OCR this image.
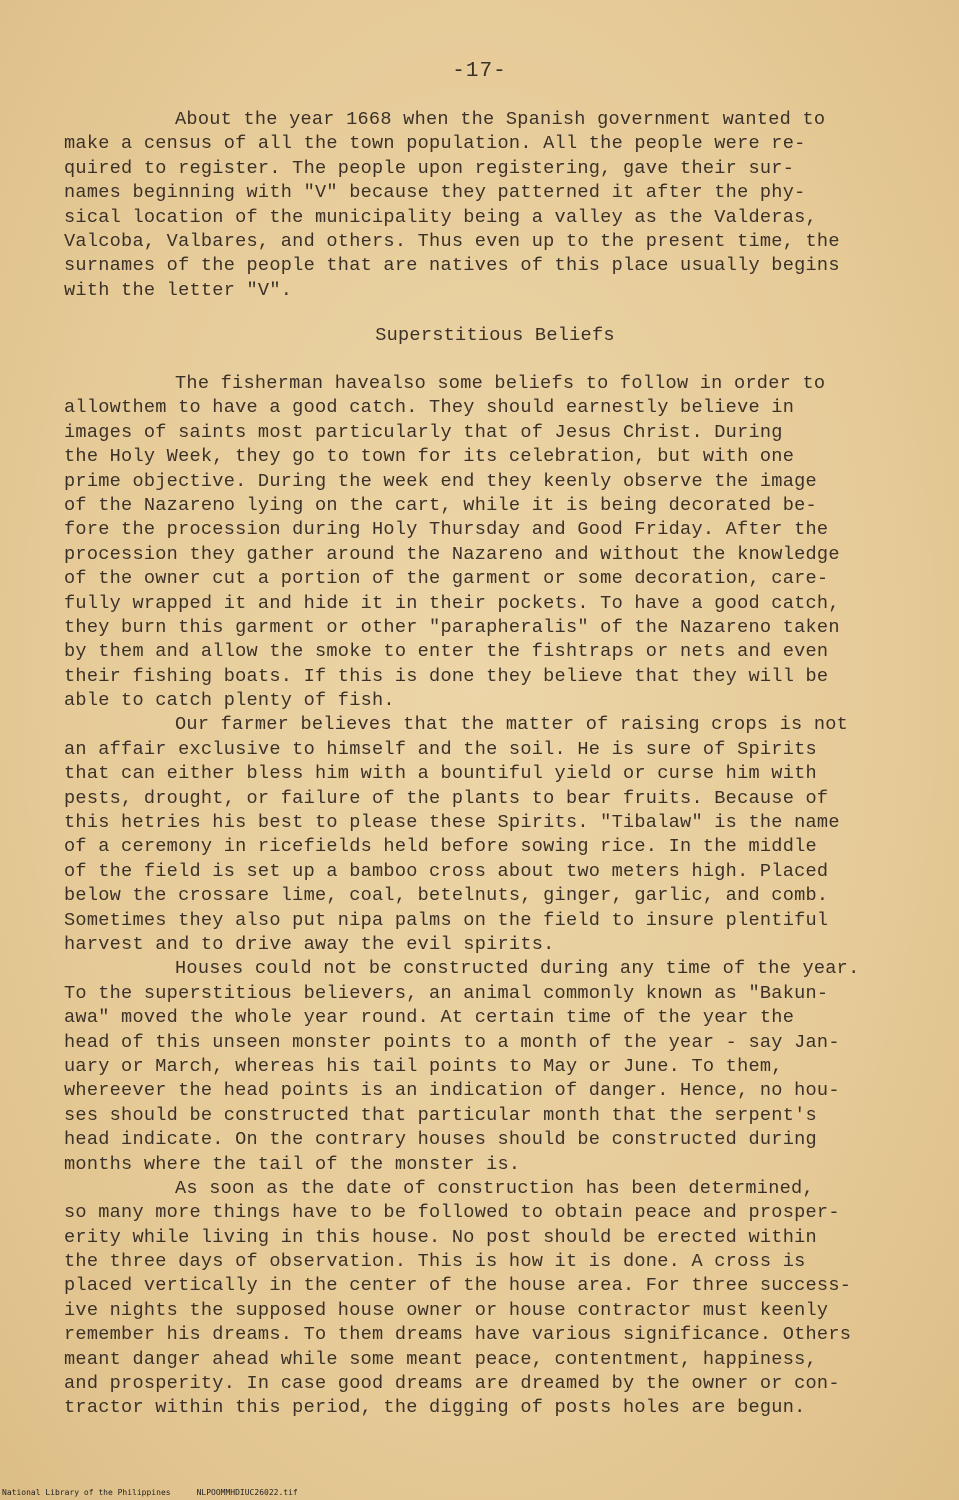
-17-
About the year 1668 when the Spanish government wanted to
make a census of all the town population. All the people were re-
quired to register. The people upon registering, gave their sur-
names beginning with "V" because they patterned it after the phy-
sical location of the municipality being a valley as the Valderas,
Valcoba, Valbares, and others. Thus even up to the present time, the
surnames of the people that are natives of this place usually begins
with the letter "V".
Superstitious Beliefs
The fisherman havealso some beliefs to follow in order to
allowthem to have a good catch. They should earnestly believe in
images of saints most particularly that of Jesus Christ. During
the Holy Week, they go to town for its celebration, but with one
prime objective. During the week end they keenly observe the image
of the Nazareno lying on the cart, while it is being decorated be-
fore the procession during Holy Thursday and Good Friday. After the
procession they gather around the Nazareno and without the knowledge
of the owner cut a portion of the garment or some decoration, care-
fully wrapped it and hide it in their pockets. To have a good catch,
they burn this garment or other "parapheralis" of the Nazareno taken
by them and allow the smoke to enter the fishtraps or nets and even
their fishing boats. If this is done they believe that they will be
able to catch plenty of fish.
Our farmer believes that the matter of raising crops is not
an affair exclusive to himself and the soil. He is sure of Spirits
that can either bless him with a bountiful yield or curse him with
pests, drought, or failure of the plants to bear fruits. Because of
this hetries his best to please these Spirits. "Tibalaw" is the name
of a ceremony in ricefields held before sowing rice. In the middle
of the field is set up a bamboo cross about two meters high. Placed
below the crossare lime, coal, betelnuts, ginger, garlic, and comb.
Sometimes they also put nipa palms on the field to insure plentiful
harvest and to drive away the evil spirits.
Houses could not be constructed during any time of the year.
To the superstitious believers, an animal commonly known as "Bakun-
awa" moved the whole year round. At certain time of the year the
head of this unseen monster points to a month of the year - say Jan-
uary or March, whereas his tail points to May or June. To them,
whereever the head points is an indication of danger. Hence, no hou-
ses should be constructed that particular month that the serpent's
head indicate. On the contrary houses should be constructed during
months where the tail of the monster is.
As soon as the date of construction has been determined,
so many more things have to be followed to obtain peace and prosper-
erity while living in this house. No post should be erected within
the three days of observation. This is how it is done. A cross is
placed vertically in the center of the house area. For three success-
ive nights the supposed house owner or house contractor must keenly
remember his dreams. To them dreams have various significance. Others
meant danger ahead while some meant peace, contentment, happiness,
and prosperity. In case good dreams are dreamed by the owner or con-
tractor within this period, the digging of posts holes are begun.
National Library of the Philippines	NLPOOMMHDIUC26022.tif
